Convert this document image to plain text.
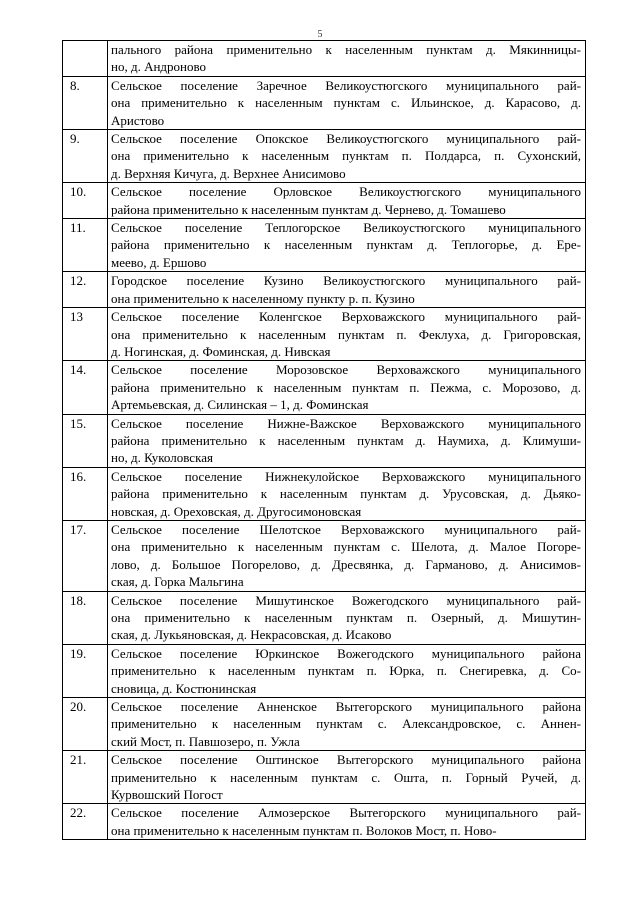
5

	пального района применительно к населенным пунктам д. Мякинницы-
но, д. Андроново

8.	Сельское поселение Заречное Великоустюгского муниципального рай-
она применительно к населенным пунктам с. Ильинское, д. Карасово, д.
Аристово

9.	Сельское поселение Опокское Великоустюгского муниципального рай-
она применительно к населенным пунктам п. Полдарса, п. Сухонский,
д. Верхняя Кичуга, д. Верхнее Анисимово

10.	Сельское поселение Орловское Великоустюгского муниципального
района применительно к населенным пунктам д. Чернево, д. Томашево

11.	Сельское поселение Теплогорское Великоустюгского муниципального
района применительно к населенным пунктам д. Теплогорье, д. Ере-
меево, д. Ершово

12.	Городское поселение Кузино Великоустюгского муниципального рай-
она применительно к населенному пункту р. п. Кузино

13	Сельское поселение Коленгское Верховажского муниципального рай-
она применительно к населенным пунктам п. Феклуха, д. Григоровская,
д. Ногинская, д. Фоминская, д. Нивская

14.	Сельское поселение Морозовское Верховажского муниципального
района применительно к населенным пунктам п. Пежма, с. Морозово, д.
Артемьевская, д. Силинская – 1, д. Фоминская

15.	Сельское поселение Нижне-Важское Верховажского муниципального
района применительно к населенным пунктам д. Наумиха, д. Климуши-
но, д. Куколовская

16.	Сельское поселение Нижнекулойское Верховажского муниципального
района применительно к населенным пунктам д. Урусовская, д. Дьяко-
новская, д. Ореховская, д. Другосимоновская

17.	Сельское поселение Шелотское Верховажского муниципального рай-
она применительно к населенным пунктам с. Шелота, д. Малое Погоре-
лово, д. Большое Погорелово, д. Дресвянка, д. Гарманово, д. Анисимов-
ская, д. Горка Мальгина

18.	Сельское поселение Мишутинское Вожегодского муниципального рай-
она применительно к населенным пунктам п. Озерный, д. Мишутин-
ская, д. Лукьяновская, д. Некрасовская, д. Исаково

19.	Сельское поселение Юркинское Вожегодского муниципального района
применительно к населенным пунктам п. Юрка, п. Снегиревка, д. Со-
сновица, д. Костюнинская

20.	Сельское поселение Анненское Вытегорского муниципального района
применительно к населенным пунктам с. Александровское, с. Аннен-
ский Мост, п. Павшозеро, п. Ужла

21.	Сельское поселение Оштинское Вытегорского муниципального района
применительно к населенным пунктам с. Ошта, п. Горный Ручей, д.
Курвошский Погост

22.	Сельское поселение Алмозерское Вытегорского муниципального рай-
она применительно к населенным пунктам п. Волоков Мост, п. Ново-
